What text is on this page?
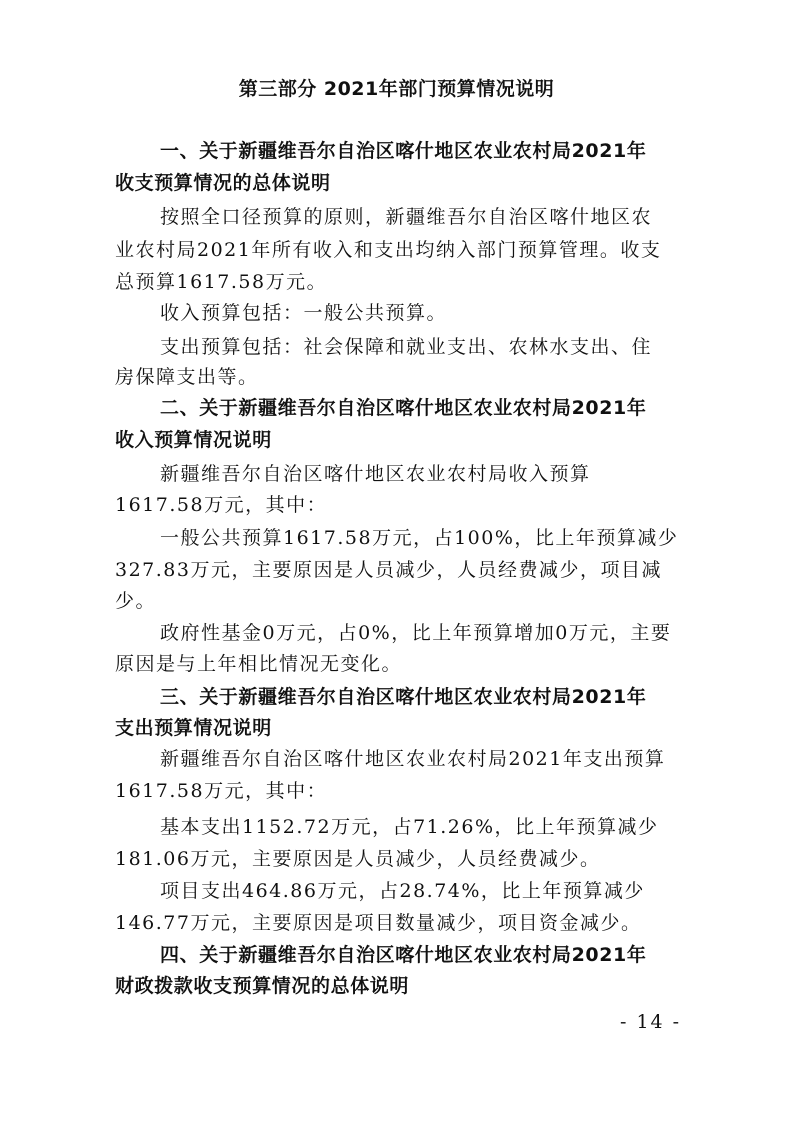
第三部分 2021年部门预算情况说明
一、关于新疆维吾尔自治区喀什地区农业农村局2021年
收支预算情况的总体说明
按照全口径预算的原则，新疆维吾尔自治区喀什地区农
业农村局2021年所有收入和支出均纳入部门预算管理。收支
总预算1617.58万元。
收入预算包括：一般公共预算。
支出预算包括：社会保障和就业支出、农林水支出、住
房保障支出等。
二、关于新疆维吾尔自治区喀什地区农业农村局2021年
收入预算情况说明
新疆维吾尔自治区喀什地区农业农村局收入预算
1617.58万元，其中：
一般公共预算1617.58万元，占100%，比上年预算减少
327.83万元，主要原因是人员减少，人员经费减少，项目减
少。
政府性基金0万元，占0%，比上年预算增加0万元，主要
原因是与上年相比情况无变化。
三、关于新疆维吾尔自治区喀什地区农业农村局2021年
支出预算情况说明
新疆维吾尔自治区喀什地区农业农村局2021年支出预算
1617.58万元，其中：
基本支出1152.72万元，占71.26%，比上年预算减少
181.06万元，主要原因是人员减少，人员经费减少。
项目支出464.86万元，占28.74%，比上年预算减少
146.77万元，主要原因是项目数量减少，项目资金减少。
四、关于新疆维吾尔自治区喀什地区农业农村局2021年
财政拨款收支预算情况的总体说明
- 14 -
